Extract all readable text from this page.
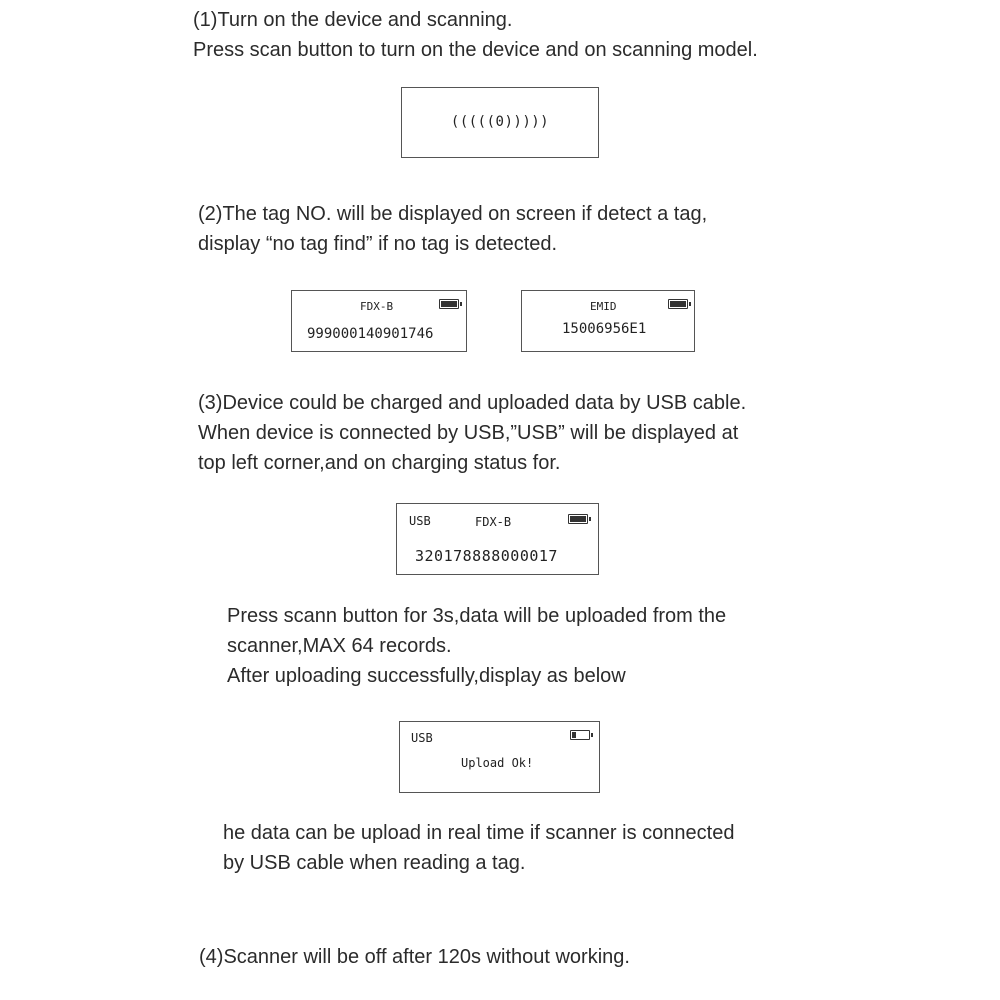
(1)Turn on the device and scanning.
Press scan button to turn on the device and on scanning model.
(((((0)))))
(2)The tag NO. will be displayed on screen if detect a tag,
display “no tag find” if no tag is detected.
FDX-B
999000140901746
EMID
15006956E1
(3)Device could be charged and uploaded data by USB cable.
When device is connected by USB,”USB” will be displayed at
top left corner,and on charging status for.
USB	FDX-B
320178888000017
Press scann button for 3s,data will be uploaded from the
scanner,MAX 64 records.
After uploading successfully,display as below
USB
Upload Ok!
he data can be upload in real time if scanner is connected
by USB cable when reading a tag.
(4)Scanner will be off after 120s without working.
